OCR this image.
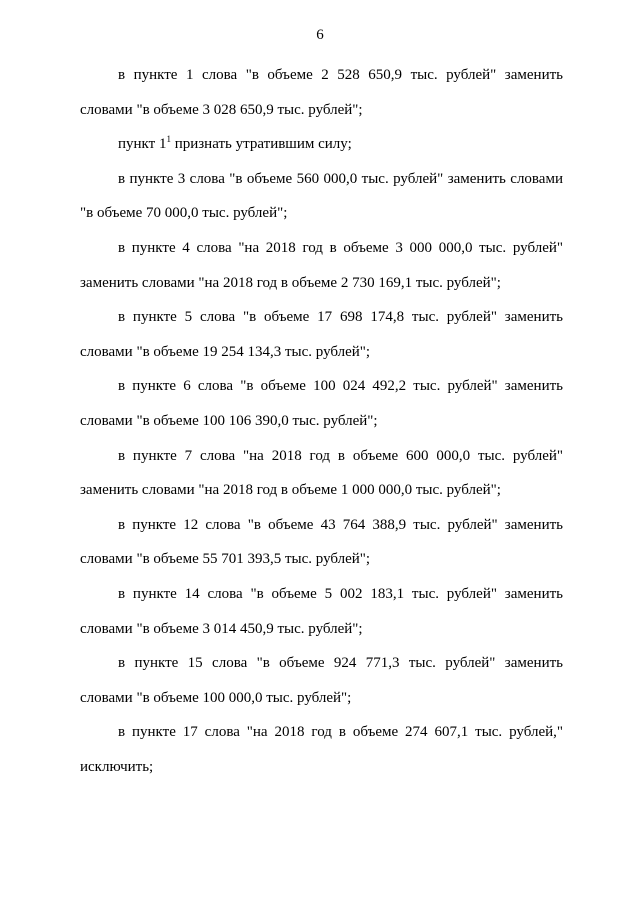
6

в пункте 1 слова "в объеме 2 528 650,9 тыс. рублей" заменить словами "в объеме 3 028 650,9 тыс. рублей";

пункт $1^1$ признать утратившим силу;

в пункте 3 слова "в объеме 560 000,0 тыс. рублей" заменить словами "в объеме 70 000,0 тыс. рублей";

в пункте 4 слова "на 2018 год в объеме 3 000 000,0 тыс. рублей" заменить словами "на 2018 год в объеме 2 730 169,1 тыс. рублей";

в пункте 5 слова "в объеме 17 698 174,8 тыс. рублей" заменить словами "в объеме 19 254 134,3 тыс. рублей";

в пункте 6 слова "в объеме 100 024 492,2 тыс. рублей" заменить словами "в объеме 100 106 390,0 тыс. рублей";

в пункте 7 слова "на 2018 год в объеме 600 000,0 тыс. рублей" заменить словами "на 2018 год в объеме 1 000 000,0 тыс. рублей";

в пункте 12 слова "в объеме 43 764 388,9 тыс. рублей" заменить словами "в объеме 55 701 393,5 тыс. рублей";

в пункте 14 слова "в объеме 5 002 183,1 тыс. рублей" заменить словами "в объеме 3 014 450,9 тыс. рублей";

в пункте 15 слова "в объеме 924 771,3 тыс. рублей" заменить словами "в объеме 100 000,0 тыс. рублей";

в пункте 17 слова "на 2018 год в объеме 274 607,1 тыс. рублей," исключить;
